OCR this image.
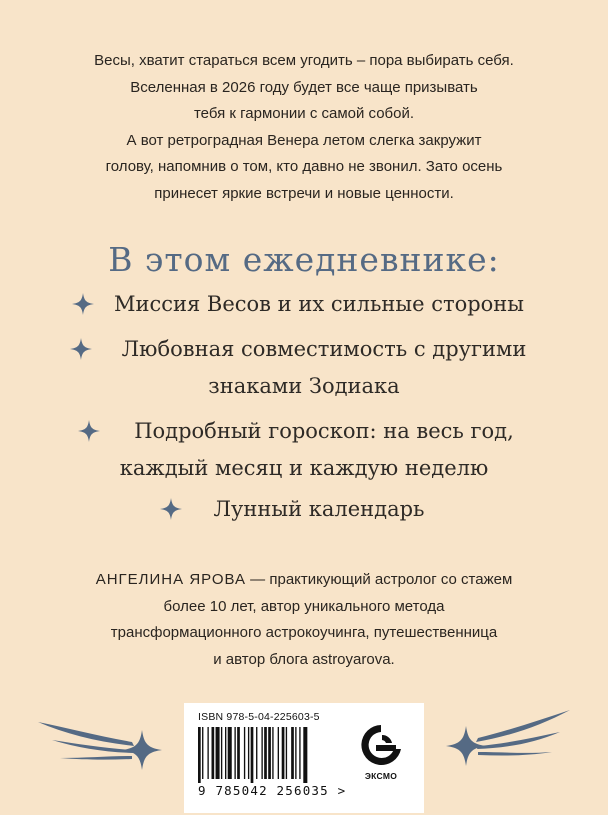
Весы, хватит стараться всем угодить – пора выбирать себя.

Вселенная в 2026 году будет все чаще призывать

тебя к гармонии с самой собой.

А вот ретроградная Венера летом слегка закружит

голову, напомнив о том, кто давно не звонил. Зато осень

принесет яркие встречи и новые ценности.

В этом ежедневнике:
Миссия Весов и их сильные стороны
Любовная совместимость с другими
знаками Зодиака
Подробный гороскоп: на весь год,
каждый месяц и каждую неделю
Лунный календарь

АНГЕЛИНА ЯРОВА — практикующий астролог со стажем

более 10 лет, автор уникального метода

трансформационного астрокоучинга, путешественница

и автор блога astroyarova.

ISBN 978-5-04-225603-5
9 785042 256035 >
ЭКСМО
